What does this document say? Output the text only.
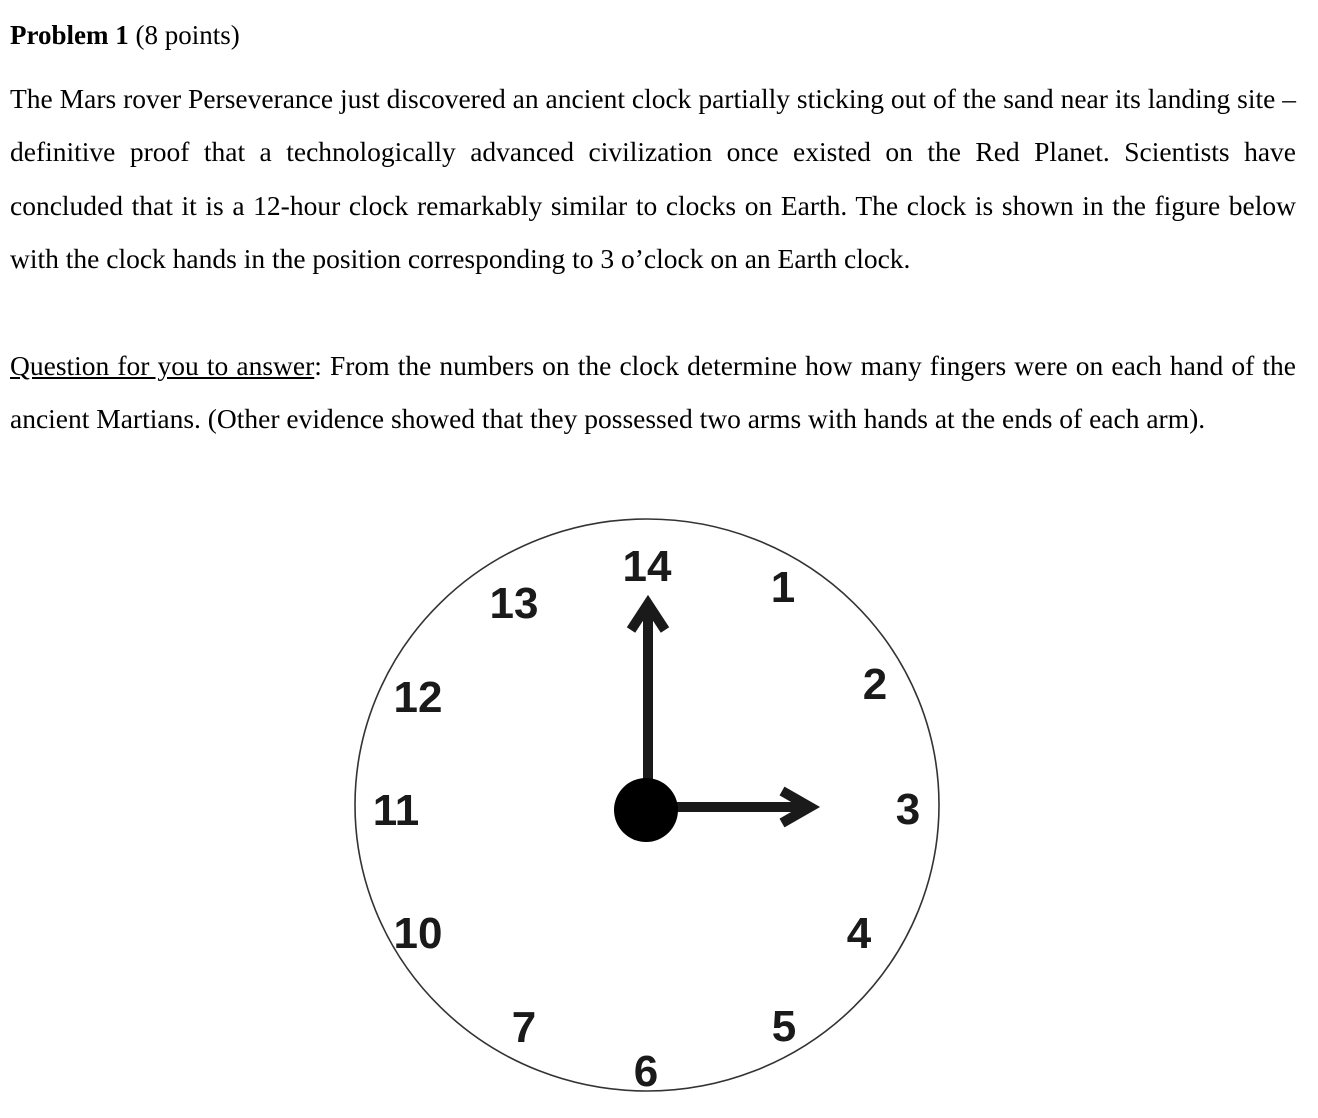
Problem 1 (8 points)
The Mars rover Perseverance just discovered an ancient clock partially sticking out of the sand near its landing site – definitive proof that a technologically advanced civilization once existed on the Red Planet. Scientists have concluded that it is a 12-hour clock remarkably similar to clocks on Earth. The clock is shown in the figure below with the clock hands in the position corresponding to 3 o’clock on an Earth clock.
Question for you to answer: From the numbers on the clock determine how many fingers were on each hand of the ancient Martians. (Other evidence showed that they possessed two arms with hands at the ends of each arm).
14 1
2
3
4
5
6
7
10
11
12
13
